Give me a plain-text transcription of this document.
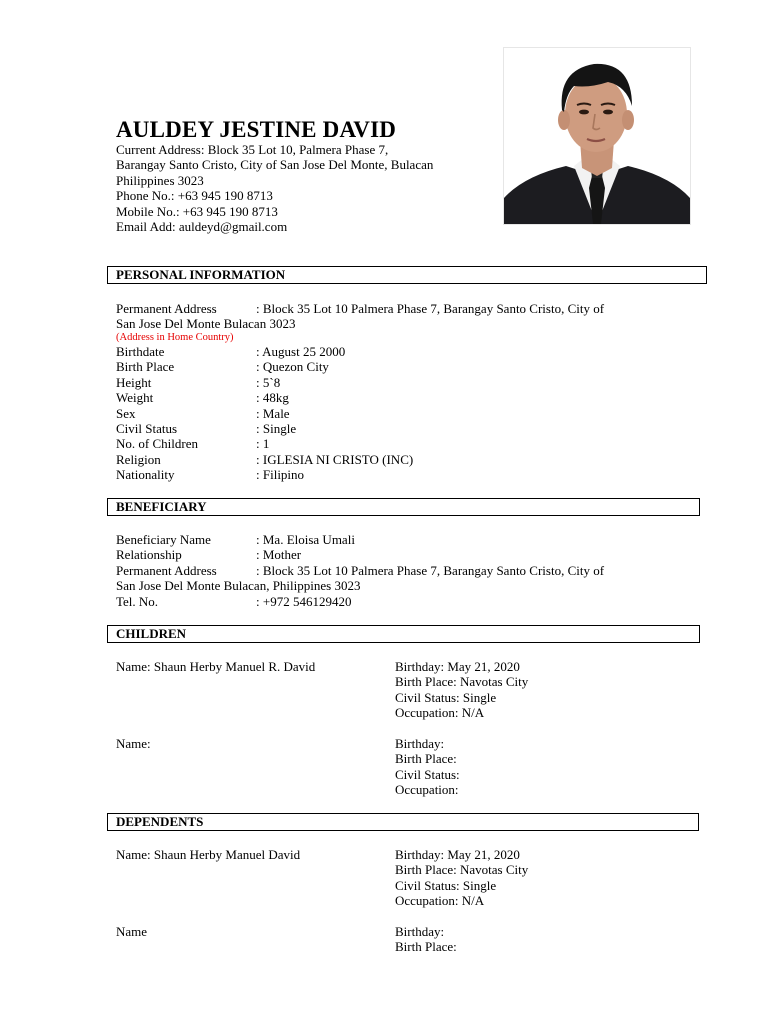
AULDEY JESTINE DAVID
Current Address: Block 35 Lot 10, Palmera Phase 7,
Barangay Santo Cristo, City of San Jose Del Monte, Bulacan
Philippines 3023
Phone No.: +63 945 190 8713
Mobile No.: +63 945 190 8713
Email Add: auldeyd@gmail.com
PERSONAL INFORMATION
Permanent Address	: Block 35 Lot 10 Palmera Phase 7, Barangay Santo Cristo, City of
San Jose Del Monte Bulacan 3023
(Address in Home Country)
Birthdate	: August 25 2000
Birth Place	: Quezon City
Height	: 5`8
Weight	: 48kg
Sex	: Male
Civil Status	: Single
No. of Children	: 1
Religion	: IGLESIA NI CRISTO (INC)
Nationality	: Filipino
BENEFICIARY
Beneficiary Name	: Ma. Eloisa Umali
Relationship	: Mother
Permanent Address	: Block 35 Lot 10 Palmera Phase 7, Barangay Santo Cristo, City of
San Jose Del Monte Bulacan, Philippines 3023
Tel. No.	: +972 546129420
CHILDREN
Name: Shaun Herby Manuel R. David	Birthday: May 21, 2020
Birth Place: Navotas City
Civil Status: Single
Occupation: N/A
Name:	Birthday:
Birth Place:
Civil Status:
Occupation:
DEPENDENTS
Name: Shaun Herby Manuel David	Birthday: May 21, 2020
Birth Place: Navotas City
Civil Status: Single
Occupation: N/A
Name	Birthday:
Birth Place:
